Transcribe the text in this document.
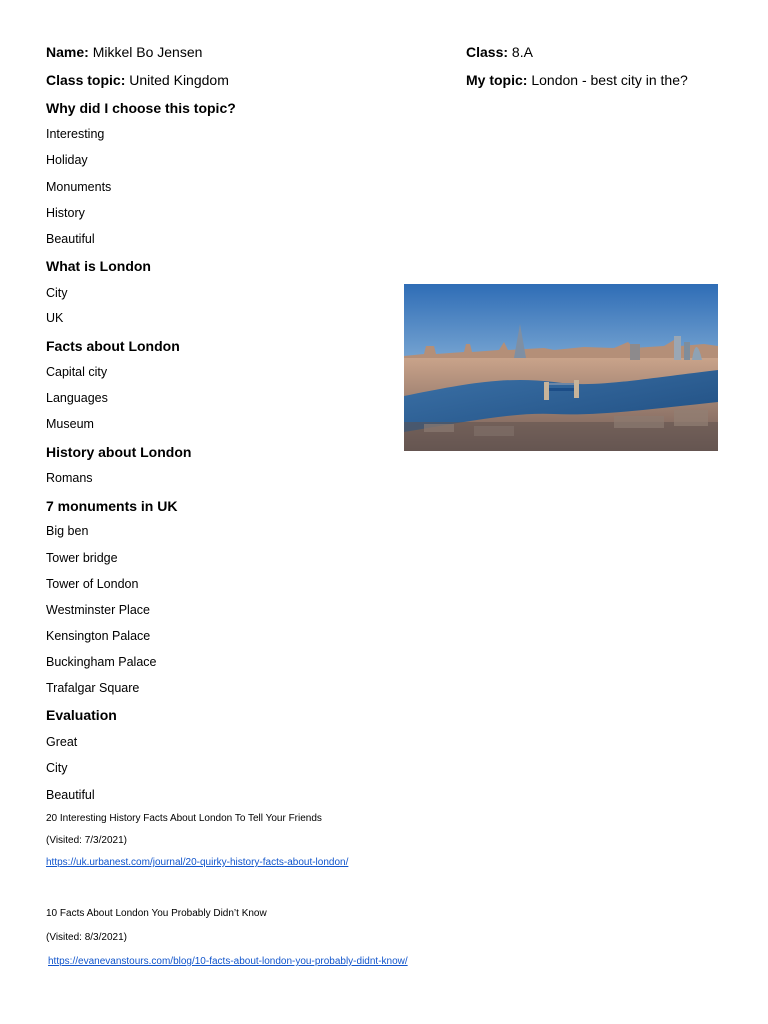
Name: Mikkel Bo Jensen	Class: 8.A
Class topic: United Kingdom	My topic: London - best city in the?
Why did I choose this topic?
Interesting
Holiday
Monuments
History
Beautiful
What is London
City
UK
Facts about London
Capital city
Languages
Museum
History about London
Romans
7 monuments in UK
Big ben
Tower bridge
Tower of London
Westminster Place
Kensington Palace
Buckingham Palace
Trafalgar Square
Evaluation
Great
City
Beautiful
20 Interesting History Facts About London To Tell Your Friends
(Visited: 7/3/2021)
https://uk.urbanest.com/journal/20-quirky-history-facts-about-london/
10 Facts About London You Probably Didn’t Know
(Visited: 8/3/2021)
https://evanevanstours.com/blog/10-facts-about-london-you-probably-didnt-know/
